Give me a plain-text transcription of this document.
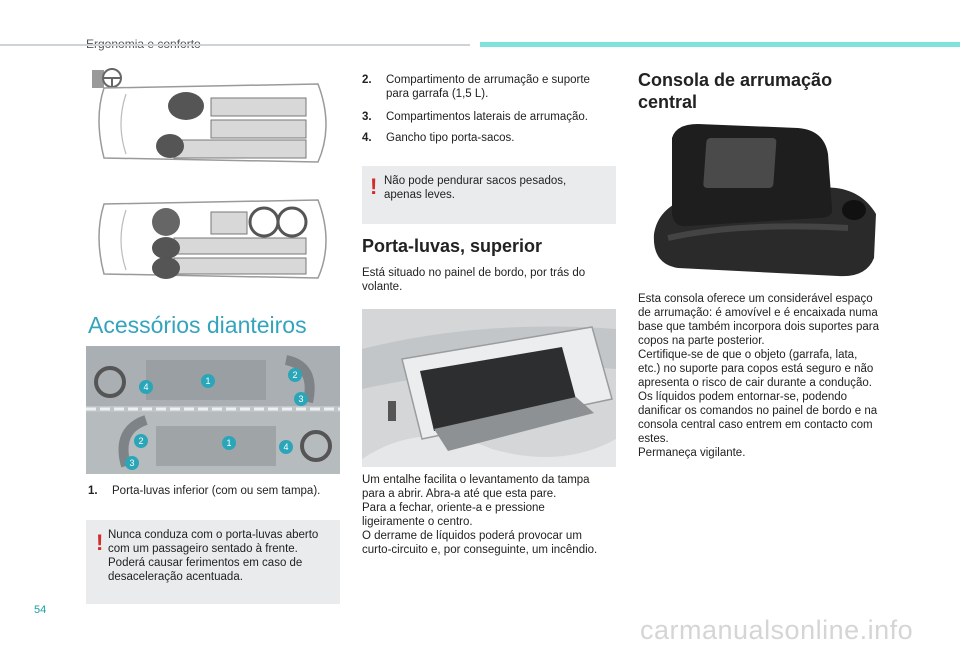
Acessórios dianteiros
1
2
3
4
1
2
3
4
1. Porta-luvas inferior (com ou sem tampa).
! Nunca conduza com o porta-luvas aberto
com um passageiro sentado à frente.
Poderá causar ferimentos em caso de
desaceleração acentuada.
2. Compartimento de arrumação e suporte
para garrafa (1,5 L).
3. Compartimentos laterais de arrumação.
4. Gancho tipo porta-sacos.
! Não pode pendurar sacos pesados,
apenas leves.
Porta-luvas, superior
Está situado no painel de bordo, por trás do
volante.
Um entalhe facilita o levantamento da tampa
para a abrir. Abra-a até que esta pare.
Para a fechar, oriente-a e pressione
ligeiramente o centro.
O derrame de líquidos poderá provocar um
curto-circuito e, por conseguinte, um incêndio.
Consola de arrumação
central
Esta consola oferece um considerável espaço
de arrumação: é amovível e é encaixada numa
base que também incorpora dois suportes para
copos na parte posterior.
Certifique-se de que o objeto (garrafa, lata,
etc.) no suporte para copos está seguro e não
apresenta o risco de cair durante a condução.
Os líquidos podem entornar-se, podendo
danificar os comandos no painel de bordo e na
consola central caso entrem em contacto com
estes.
Permaneça vigilante.
54
carmanualsonline.info
